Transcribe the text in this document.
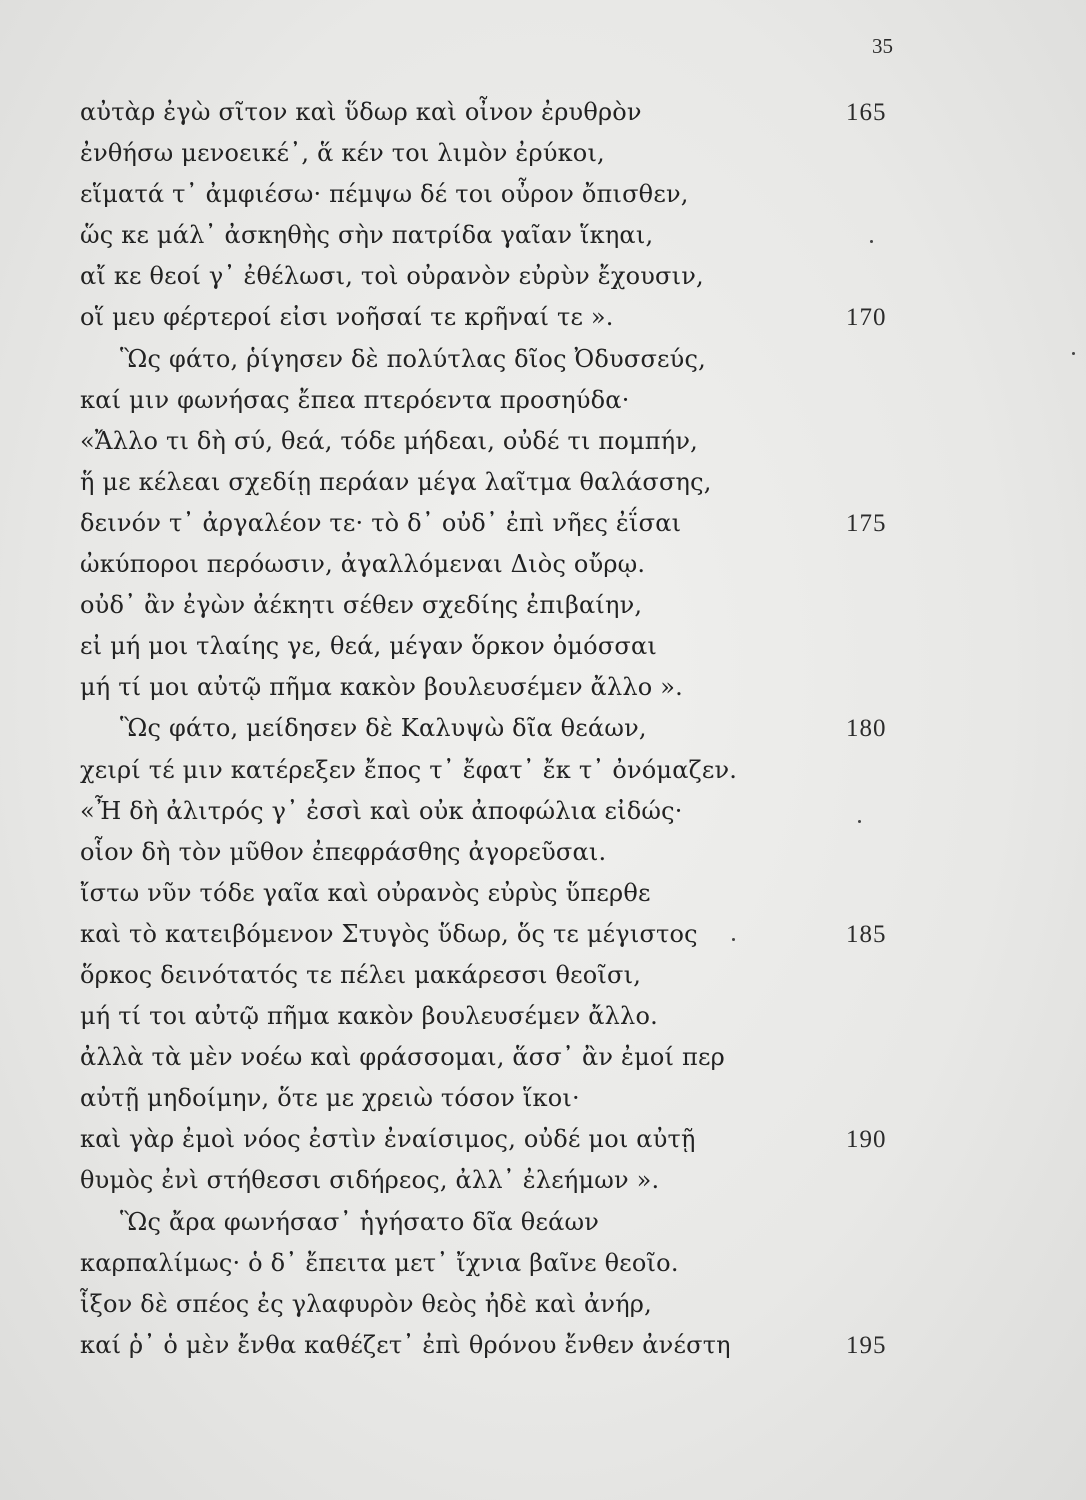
35
αὐτὰρ ἐγὼ σῖτον καὶ ὕδωρ καὶ οἶνον ἐρυθρὸν	165
ἐνθήσω μενοεικέ᾽, ἅ κέν τοι λιμὸν ἐρύκοι,
εἵματά τ᾽ ἀμφιέσω· πέμψω δέ τοι οὖρον ὄπισθεν,
ὥς κε μάλ᾽ ἀσκηθὴς σὴν πατρίδα γαῖαν ἵκηαι,
αἴ κε θεοί γ᾽ ἐθέλωσι, τοὶ οὐρανὸν εὐρὺν ἔχουσιν,
οἵ μευ φέρτεροί εἰσι νοῆσαί τε κρῆναί τε ».	170
Ὣς φάτο, ῥίγησεν δὲ πολύτλας δῖος Ὀδυσσεύς,
καί μιν φωνήσας ἔπεα πτερόεντα προσηύδα·
«Ἄλλο τι δὴ σύ, θεά, τόδε μήδεαι, οὐδέ τι πομπήν,
ἥ με κέλεαι σχεδίῃ περάαν μέγα λαῖτμα θαλάσσης,
δεινόν τ᾽ ἀργαλέον τε· τὸ δ᾽ οὐδ᾽ ἐπὶ νῆες ἐΐσαι	175
ὠκύποροι περόωσιν, ἀγαλλόμεναι Διὸς οὔρῳ.
οὐδ᾽ ἂν ἐγὼν ἀέκητι σέθεν σχεδίης ἐπιβαίην,
εἰ μή μοι τλαίης γε, θεά, μέγαν ὅρκον ὀμόσσαι
μή τί μοι αὐτῷ πῆμα κακὸν βουλευσέμεν ἄλλο ».
Ὣς φάτο, μείδησεν δὲ Καλυψὼ δῖα θεάων,	180
χειρί τέ μιν κατέρεξεν ἔπος τ᾽ ἔφατ᾽ ἔκ τ᾽ ὀνόμαζεν.
«Ἦ δὴ ἀλιτρός γ᾽ ἐσσὶ καὶ οὐκ ἀποφώλια εἰδώς·
οἷον δὴ τὸν μῦθον ἐπεφράσθης ἀγορεῦσαι.
ἴστω νῦν τόδε γαῖα καὶ οὐρανὸς εὐρὺς ὕπερθε
καὶ τὸ κατειβόμενον Στυγὸς ὕδωρ, ὅς τε μέγιστος	185
ὅρκος δεινότατός τε πέλει μακάρεσσι θεοῖσι,
μή τί τοι αὐτῷ πῆμα κακὸν βουλευσέμεν ἄλλο.
ἀλλὰ τὰ μὲν νοέω καὶ φράσσομαι, ἅσσ᾽ ἂν ἐμοί περ
αὐτῇ μηδοίμην, ὅτε με χρειὼ τόσον ἵκοι·
καὶ γὰρ ἐμοὶ νόος ἐστὶν ἐναίσιμος, οὐδέ μοι αὐτῇ	190
θυμὸς ἐνὶ στήθεσσι σιδήρεος, ἀλλ᾽ ἐλεήμων ».
Ὣς ἄρα φωνήσασ᾽ ἡγήσατο δῖα θεάων
καρπαλίμως· ὁ δ᾽ ἔπειτα μετ᾽ ἴχνια βαῖνε θεοῖο.
ἷξον δὲ σπέος ἐς γλαφυρὸν θεὸς ἠδὲ καὶ ἀνήρ,
καί ῥ᾽ ὁ μὲν ἔνθα καθέζετ᾽ ἐπὶ θρόνου ἔνθεν ἀνέστη	195
